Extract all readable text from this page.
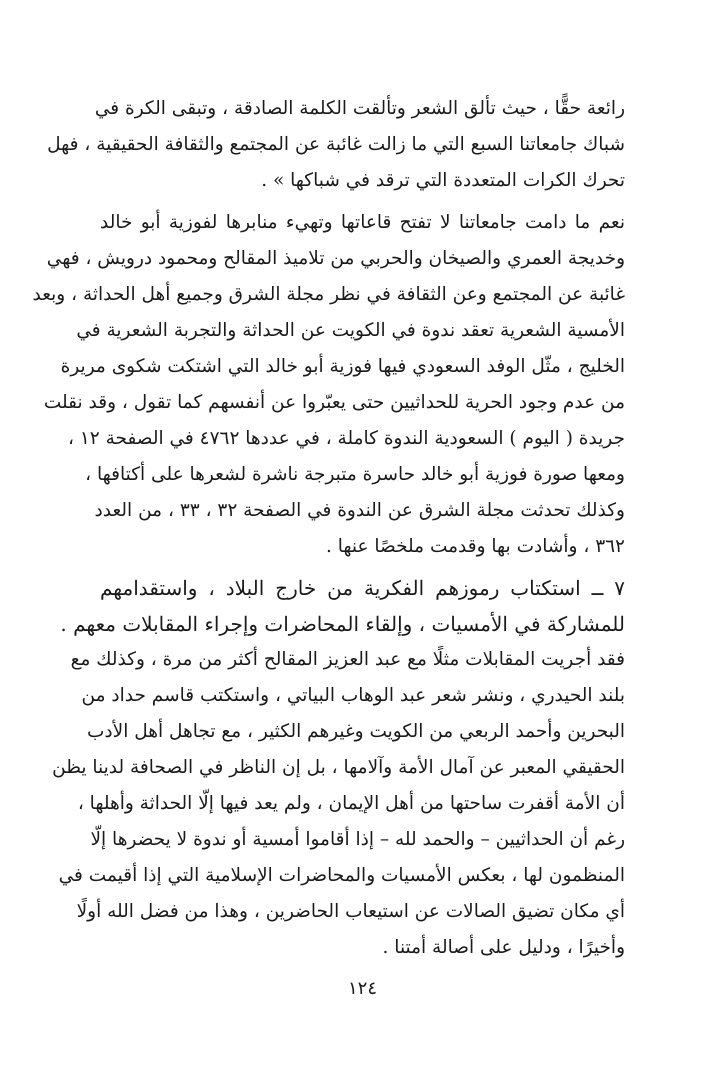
رائعة حقًّا ، حيث تألق الشعر وتألقت الكلمة الصادقة ، وتبقى الكرة في
شباك جامعاتنا السبع التي ما زالت غائبة عن المجتمع والثقافة الحقيقية ، فهل
تحرك الكرات المتعددة التي ترقد في شباكها » .
نعم ما دامت جامعاتنا لا تفتح قاعاتها وتهيء منابرها لفوزية أبو خالد
وخديجة العمري والصيخان والحربي من تلاميذ المقالح ومحمود درويش ، فهي
غائبة عن المجتمع وعن الثقافة في نظر مجلة الشرق وجميع أهل الحداثة ، وبعد
الأمسية الشعرية تعقد ندوة في الكويت عن الحداثة والتجربة الشعرية في
الخليج ، مثّل الوفد السعودي فيها فوزية أبو خالد التي اشتكت شكوى مريرة
من عدم وجود الحرية للحداثيين حتى يعبّروا عن أنفسهم كما تقول ، وقد نقلت
جريدة ( اليوم ) السعودية الندوة كاملة ، في عددها ٤٧٦٢ في الصفحة ١٢ ،
ومعها صورة فوزية أبو خالد حاسرة متبرجة ناشرة لشعرها على أكتافها ،
وكذلك تحدثت مجلة الشرق عن الندوة في الصفحة ٣٢ ، ٣٣ ، من العدد
٣٦٢ ، وأشادت بها وقدمت ملخصًا عنها .
٧ ــ استكتاب رموزهم الفكرية من خارج البلاد ، واستقدامهم
للمشاركة في الأمسيات ، وإلقاء المحاضرات وإجراء المقابلات معهم .
فقد أجريت المقابلات مثلًا مع عبد العزيز المقالح أكثر من مرة ، وكذلك مع
بلند الحيدري ، ونشر شعر عبد الوهاب البياتي ، واستكتب قاسم حداد من
البحرين وأحمد الربعي من الكويت وغيرهم الكثير ، مع تجاهل أهل الأدب
الحقيقي المعبر عن آمال الأمة وآلامها ، بل إن الناظر في الصحافة لدينا يظن
أن الأمة أقفرت ساحتها من أهل الإيمان ، ولم يعد فيها إلّا الحداثة وأهلها ،
رغم أن الحداثيين – والحمد لله – إذا أقاموا أمسية أو ندوة لا يحضرها إلّا
المنظمون لها ، بعكس الأمسيات والمحاضرات الإسلامية التي إذا أقيمت في
أي مكان تضيق الصالات عن استيعاب الحاضرين ، وهذا من فضل الله أولًا
وأخيرًا ، ودليل على أصالة أمتنا .
١٢٤
